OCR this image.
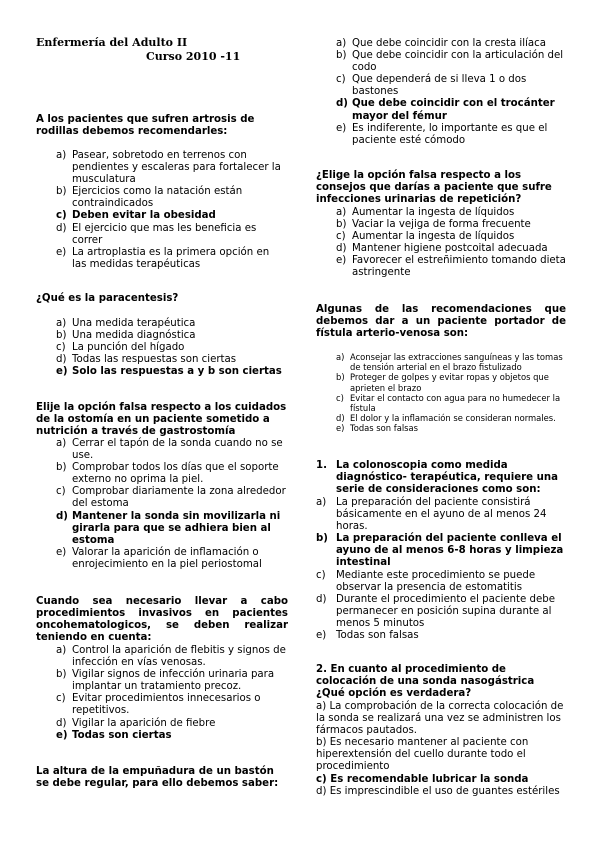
Enfermería del Adulto II
Curso 2010 -11
A los pacientes que sufren artrosis de rodillas debemos recomendarles:
a) Pasear, sobretodo en terrenos con pendientes y escaleras para fortalecer la musculatura
b) Ejercicios como la natación están contraindicados
c) Deben evitar la obesidad
d) El ejercicio que mas les beneficia es correr
e) La artroplastia es la primera opción en las medidas terapéuticas
¿Qué es la paracentesis?
a) Una medida terapéutica
b) Una medida diagnóstica
c) La punción del hígado
d) Todas las respuestas son ciertas
e) Solo las respuestas a y b son ciertas
Elije la opción falsa respecto a los cuidados de la ostomía en un paciente sometido a nutrición a través de gastrostomía
a) Cerrar el tapón de la sonda cuando no se use.
b) Comprobar todos los días que el soporte externo no oprima la piel.
c) Comprobar diariamente la zona alrededor del estoma
d) Mantener la sonda sin movilizarla ni girarla para que se adhiera bien al estoma
e) Valorar la aparición de inflamación o enrojecimiento en la piel periostomal
Cuando sea necesario llevar a cabo procedimientos invasivos en pacientes oncohematologicos, se deben realizar teniendo en cuenta:
a) Control la aparición de flebitis y signos de infección en vías venosas.
b) Vigilar signos de infección urinaria para implantar un tratamiento precoz.
c) Evitar procedimientos innecesarios o repetitivos.
d) Vigilar la aparición de fiebre
e) Todas son ciertas
La altura de la empuñadura de un bastón se debe regular, para ello debemos saber:
a) Que debe coincidir con la cresta ilíaca
b) Que debe coincidir con la articulación del codo
c) Que dependerá de si lleva 1 o dos bastones
d) Que debe coincidir con el trocánter mayor del fémur
e) Es indiferente, lo importante es que el paciente esté cómodo
¿Elige la opción falsa respecto a los consejos que darías a paciente que sufre infecciones urinarias de repetición?
a) Aumentar la ingesta de líquidos
b) Vaciar la vejiga de forma frecuente
c) Aumentar la ingesta de líquidos
d) Mantener higiene postcoital adecuada
e) Favorecer el estreñimiento tomando dieta astringente
Algunas de las recomendaciones que debemos dar a un paciente portador de fístula arterio-venosa son:
a) Aconsejar las extracciones sanguíneas y las tomas de tensión arterial en el brazo fistulizado
b) Proteger de golpes y evitar ropas y objetos que aprieten el brazo
c) Evitar el contacto con agua para no humedecer la fístula
d) El dolor y la inflamación se consideran normales.
e) Todas son falsas
1. La colonoscopia como medida diagnóstico- terapéutica, requiere una serie de consideraciones como son:
a) La preparación del paciente consistirá básicamente en el ayuno de al menos 24 horas.
b) La preparación del paciente conlleva el ayuno de al menos 6-8 horas y limpieza intestinal
c)	Mediante este procedimiento se puede observar la presencia de estomatitis
d) Durante el procedimiento el paciente debe permanecer en posición supina durante al menos 5 minutos
e) Todas son falsas
2. En cuanto al procedimiento de colocación de una sonda nasogástrica ¿Qué opción es verdadera?
a) La comprobación de la correcta colocación de la sonda se realizará una vez se administren los fármacos pautados.
b) Es necesario mantener al paciente con hiperextensión del cuello durante todo el procedimiento
c) Es recomendable lubricar la sonda
d) Es imprescindible el uso de guantes estériles
